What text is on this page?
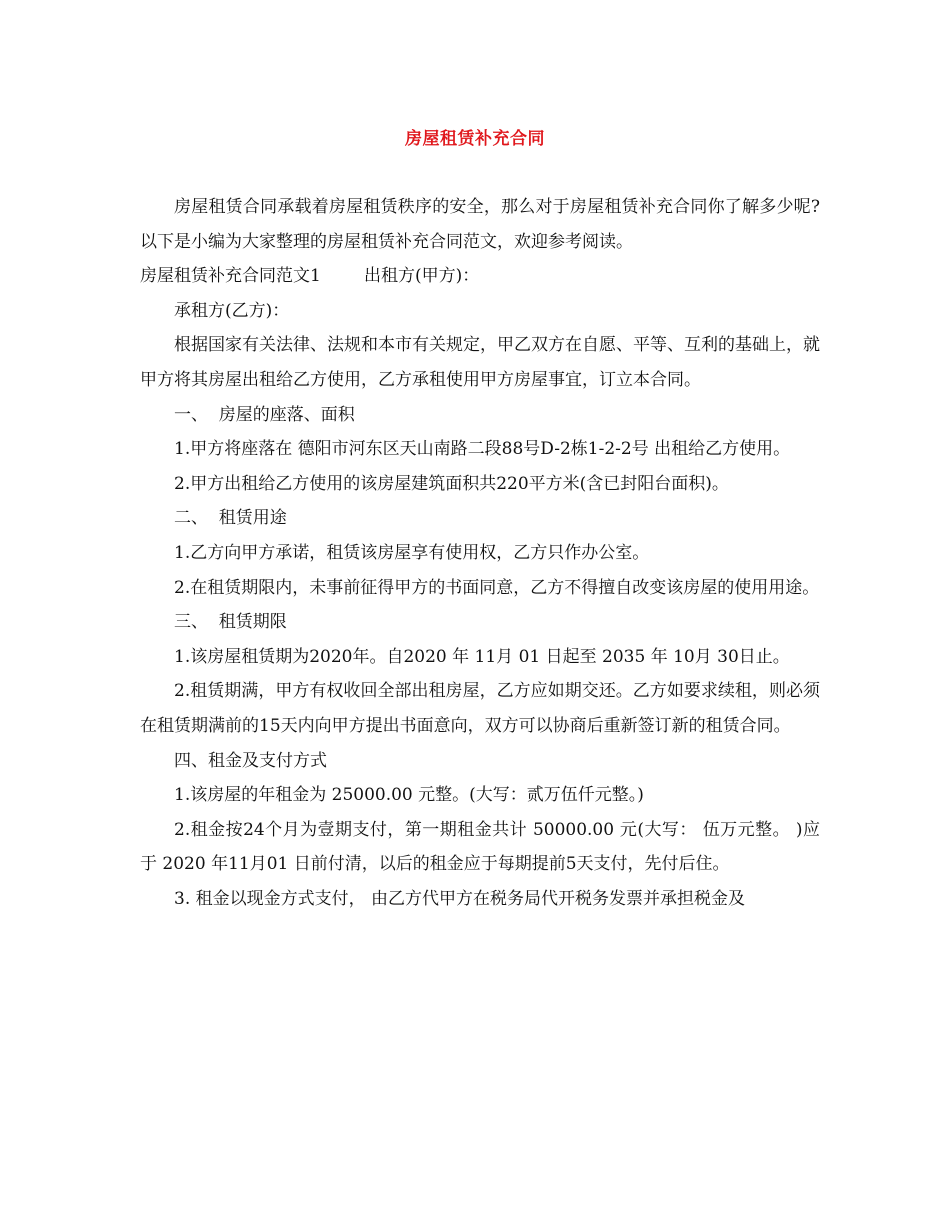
房屋租赁补充合同

房屋租赁合同承载着房屋租赁秩序的安全，那么对于房屋租赁补充合同你了解多少呢?以下是小编为大家整理的房屋租赁补充合同范文，欢迎参考阅读。

房屋租赁补充合同范文1        出租方(甲方)：

承租方(乙方)：

根据国家有关法律、法规和本市有关规定，甲乙双方在自愿、平等、互利的基础上，就甲方将其房屋出租给乙方使用，乙方承租使用甲方房屋事宜，订立本合同。

一、  房屋的座落、面积

1.甲方将座落在 德阳市河东区天山南路二段88号D-2栋1-2-2号 出租给乙方使用。

2.甲方出租给乙方使用的该房屋建筑面积共220平方米(含已封阳台面积)。

二、  租赁用途

1.乙方向甲方承诺，租赁该房屋享有使用权，乙方只作办公室。

2.在租赁期限内，未事前征得甲方的书面同意，乙方不得擅自改变该房屋的使用用途。

三、  租赁期限

1.该房屋租赁期为2020年。自2020 年 11月 01 日起至 2035 年 10月 30日止。

2.租赁期满，甲方有权收回全部出租房屋，乙方应如期交还。乙方如要求续租，则必须在租赁期满前的15天内向甲方提出书面意向，双方可以协商后重新签订新的租赁合同。

四、租金及支付方式

1.该房屋的年租金为 25000.00 元整。(大写：贰万伍仟元整。)

2.租金按24个月为壹期支付，第一期租金共计 50000.00 元(大写： 伍万元整。 )应于 2020 年11月01 日前付清，以后的租金应于每期提前5天支付，先付后住。

3. 租金以现金方式支付， 由乙方代甲方在税务局代开税务发票并承担税金及
